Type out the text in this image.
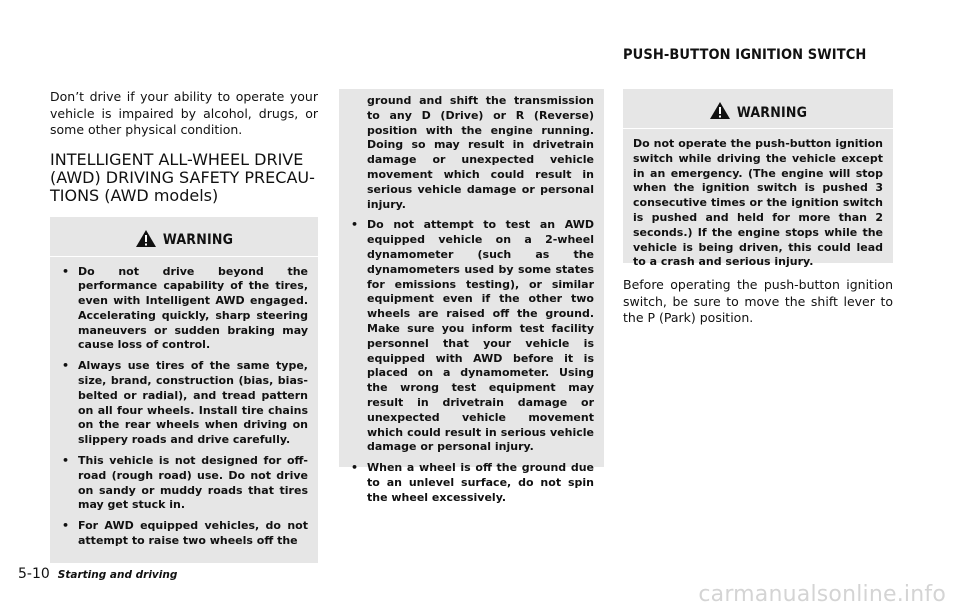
PUSH-BUTTON IGNITION SWITCH

Don’t drive if your ability to operate your vehicle is impaired by alcohol, drugs, or some other physical condition.

INTELLIGENT ALL-WHEEL DRIVE (AWD) DRIVING SAFETY PRECAUTIONS (AWD models)
WARNING
• Do not drive beyond the performance capability of the tires, even with Intelligent AWD engaged. Accelerating quickly, sharp steering maneuvers or sudden braking may cause loss of control.
• Always use tires of the same type, size, brand, construction (bias, bias-belted or radial), and tread pattern on all four wheels. Install tire chains on the rear wheels when driving on slippery roads and drive carefully.
• This vehicle is not designed for off-road (rough road) use. Do not drive on sandy or muddy roads that tires may get stuck in.
• For AWD equipped vehicles, do not attempt to raise two wheels off the

ground and shift the transmission to any D (Drive) or R (Reverse) position with the engine running. Doing so may result in drivetrain damage or unexpected vehicle movement which could result in serious vehicle damage or personal injury.

• Do not attempt to test an AWD equipped vehicle on a 2-wheel dynamometer (such as the dynamometers used by some states for emissions testing), or similar equipment even if the other two wheels are raised off the ground. Make sure you inform test facility personnel that your vehicle is equipped with AWD before it is placed on a dynamometer. Using the wrong test equipment may result in drivetrain damage or unexpected vehicle movement which could result in serious vehicle damage or personal injury.
• When a wheel is off the ground due to an unlevel surface, do not spin the wheel excessively.
WARNING

Do not operate the push-button ignition switch while driving the vehicle except in an emergency. (The engine will stop when the ignition switch is pushed 3 consecutive times or the ignition switch is pushed and held for more than 2 seconds.) If the engine stops while the vehicle is being driven, this could lead to a crash and serious injury.

Before operating the push-button ignition switch, be sure to move the shift lever to the P (Park) position.

5-10 Starting and driving
carmanualsonline.info
